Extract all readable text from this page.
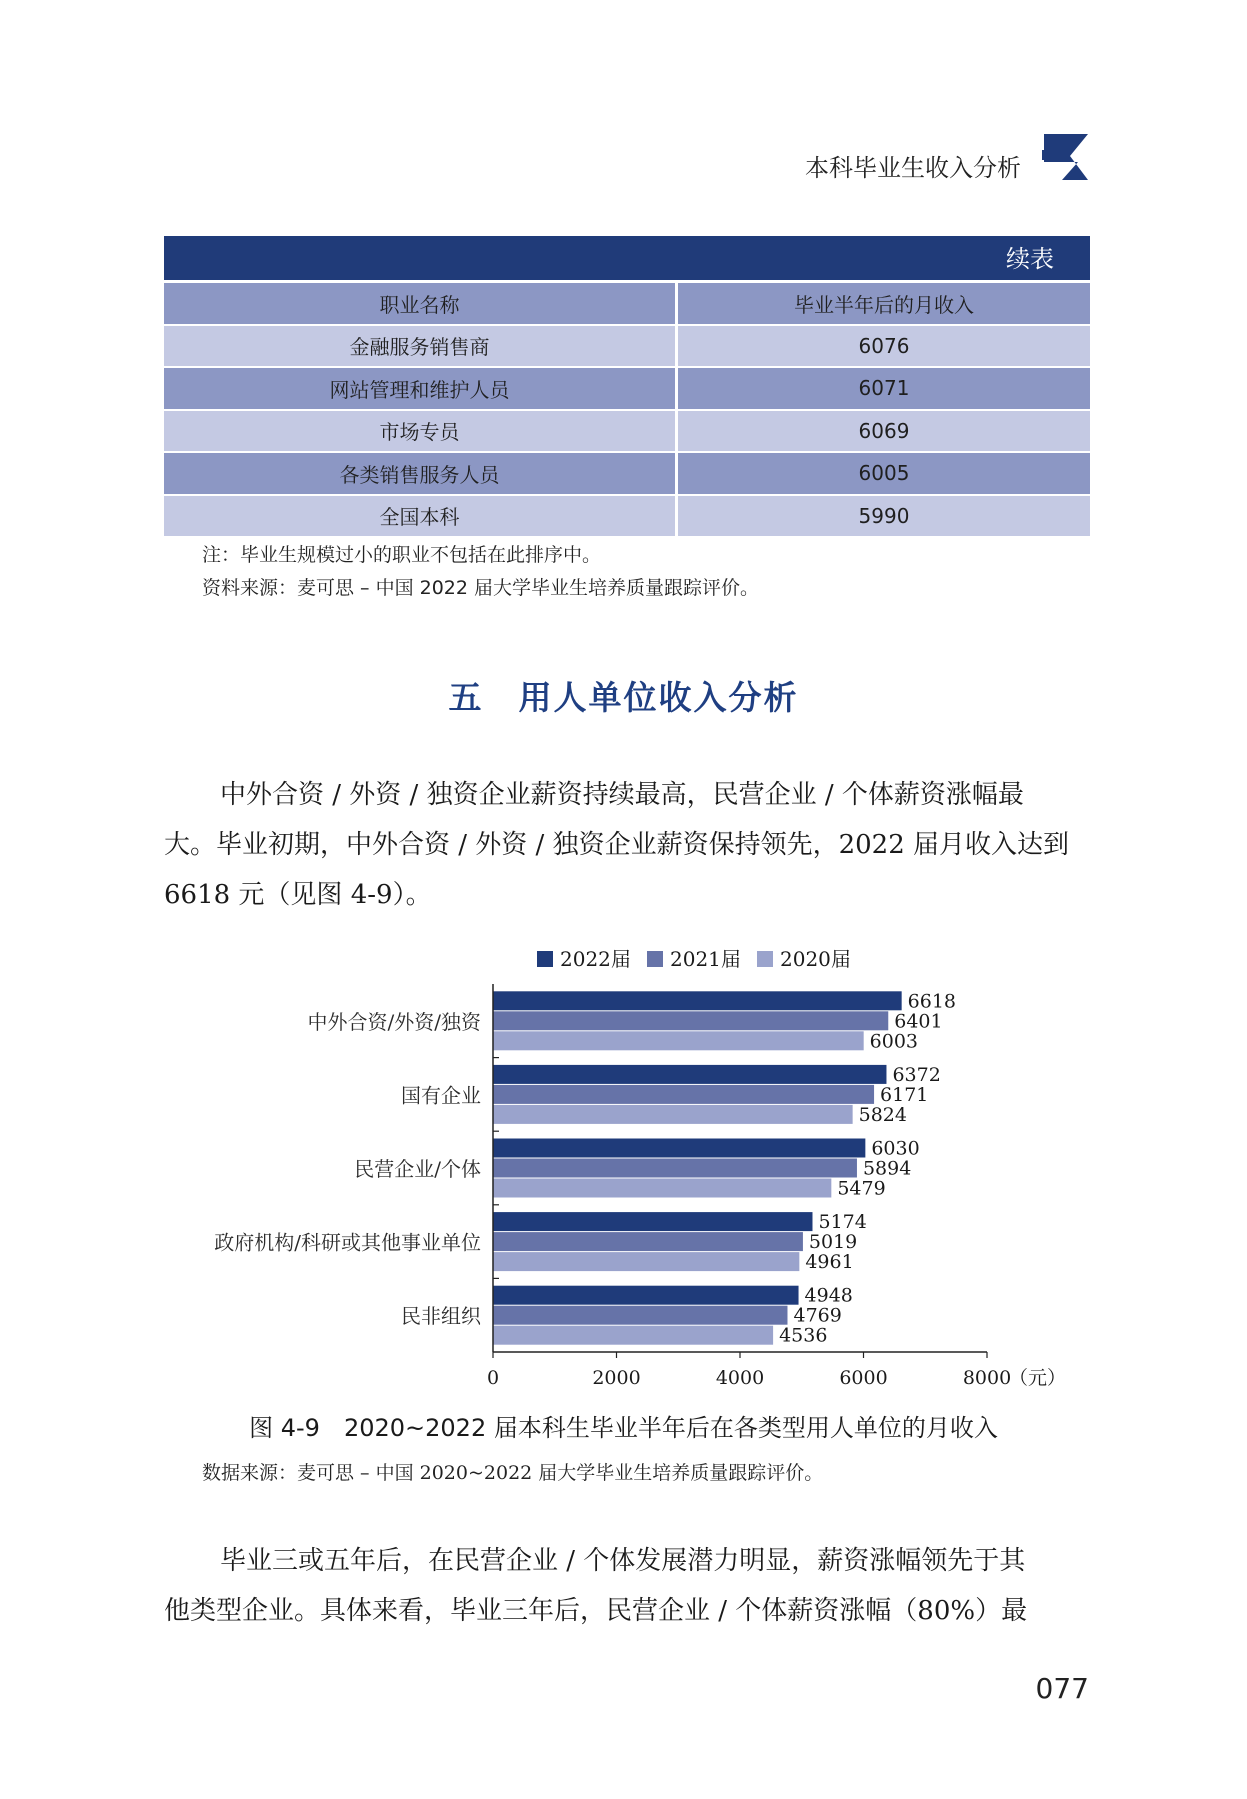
本科毕业生收入分析
续表
职业名称	毕业半年后的月收入
金融服务销售商	6076
网站管理和维护人员	6071
市场专员	6069
各类销售服务人员	6005
全国本科	5990
注：毕业生规模过小的职业不包括在此排序中。
资料来源：麦可思 – 中国 2022 届大学毕业生培养质量跟踪评价。
五　用人单位收入分析
中外合资 / 外资 / 独资企业薪资持续最高，民营企业 / 个体薪资涨幅最
大。毕业初期，中外合资 / 外资 / 独资企业薪资保持领先，2022 届月收入达到
6618 元（见图 4-9）。
2022届 2021届 2020届
6618
6401
6003
中外合资/外资/独资
6372
6171
5824
国有企业
6030
5894
5479
民营企业/个体
5174
5019
4961
政府机构/科研或其他事业单位
4948
4769
4536
民非组织
0	2000	4000	6000	8000
（元）
图 4-9　2020~2022 届本科生毕业半年后在各类型用人单位的月收入
数据来源：麦可思 – 中国 2020~2022 届大学毕业生培养质量跟踪评价。
毕业三或五年后，在民营企业 / 个体发展潜力明显，薪资涨幅领先于其
他类型企业。具体来看，毕业三年后，民营企业 / 个体薪资涨幅（80%）最
077
